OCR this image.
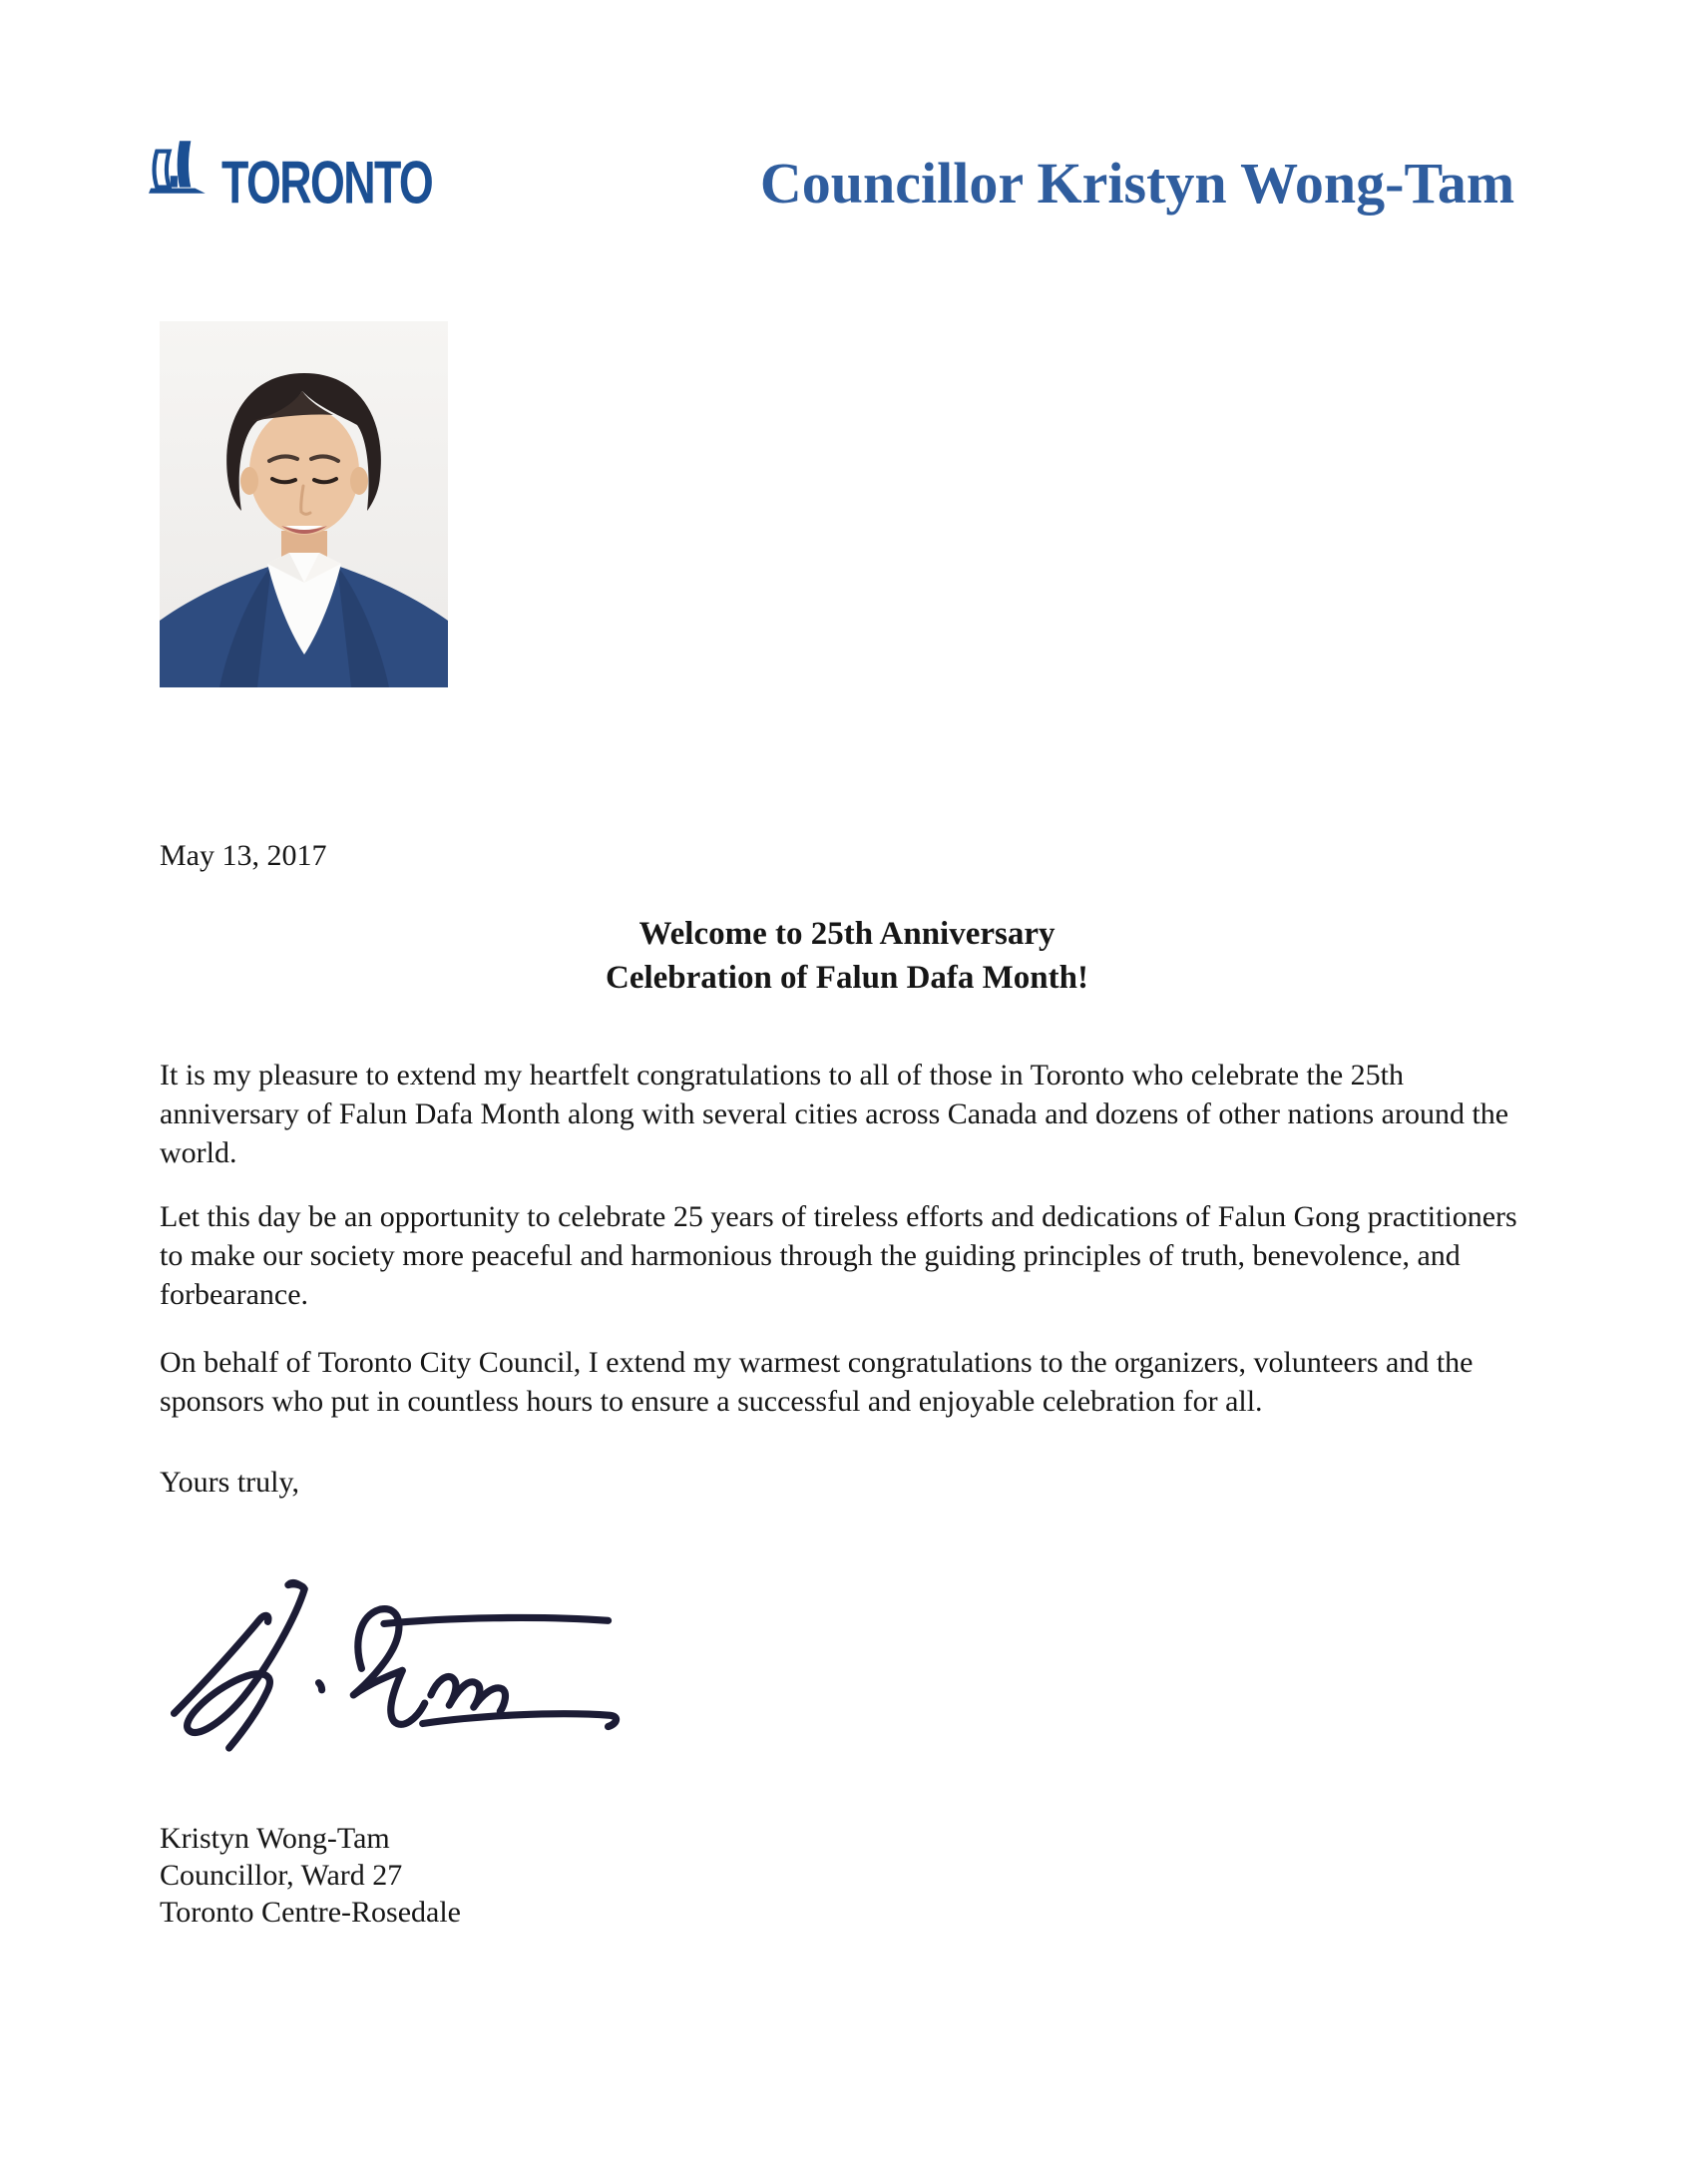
TORONTO	Councillor Kristyn Wong-Tam
May 13, 2017
Welcome to 25th Anniversary
Celebration of Falun Dafa Month!
It is my pleasure to extend my heartfelt congratulations to all of those in Toronto who celebrate the 25th anniversary of Falun Dafa Month along with several cities across Canada and dozens of other nations around the world.
Let this day be an opportunity to celebrate 25 years of tireless efforts and dedications of Falun Gong practitioners to make our society more peaceful and harmonious through the guiding principles of truth, benevolence, and forbearance.
On behalf of Toronto City Council, I extend my warmest congratulations to the organizers, volunteers and the sponsors who put in countless hours to ensure a successful and enjoyable celebration for all.
Yours truly,
Kristyn Wong-Tam
Councillor, Ward 27
Toronto Centre-Rosedale
